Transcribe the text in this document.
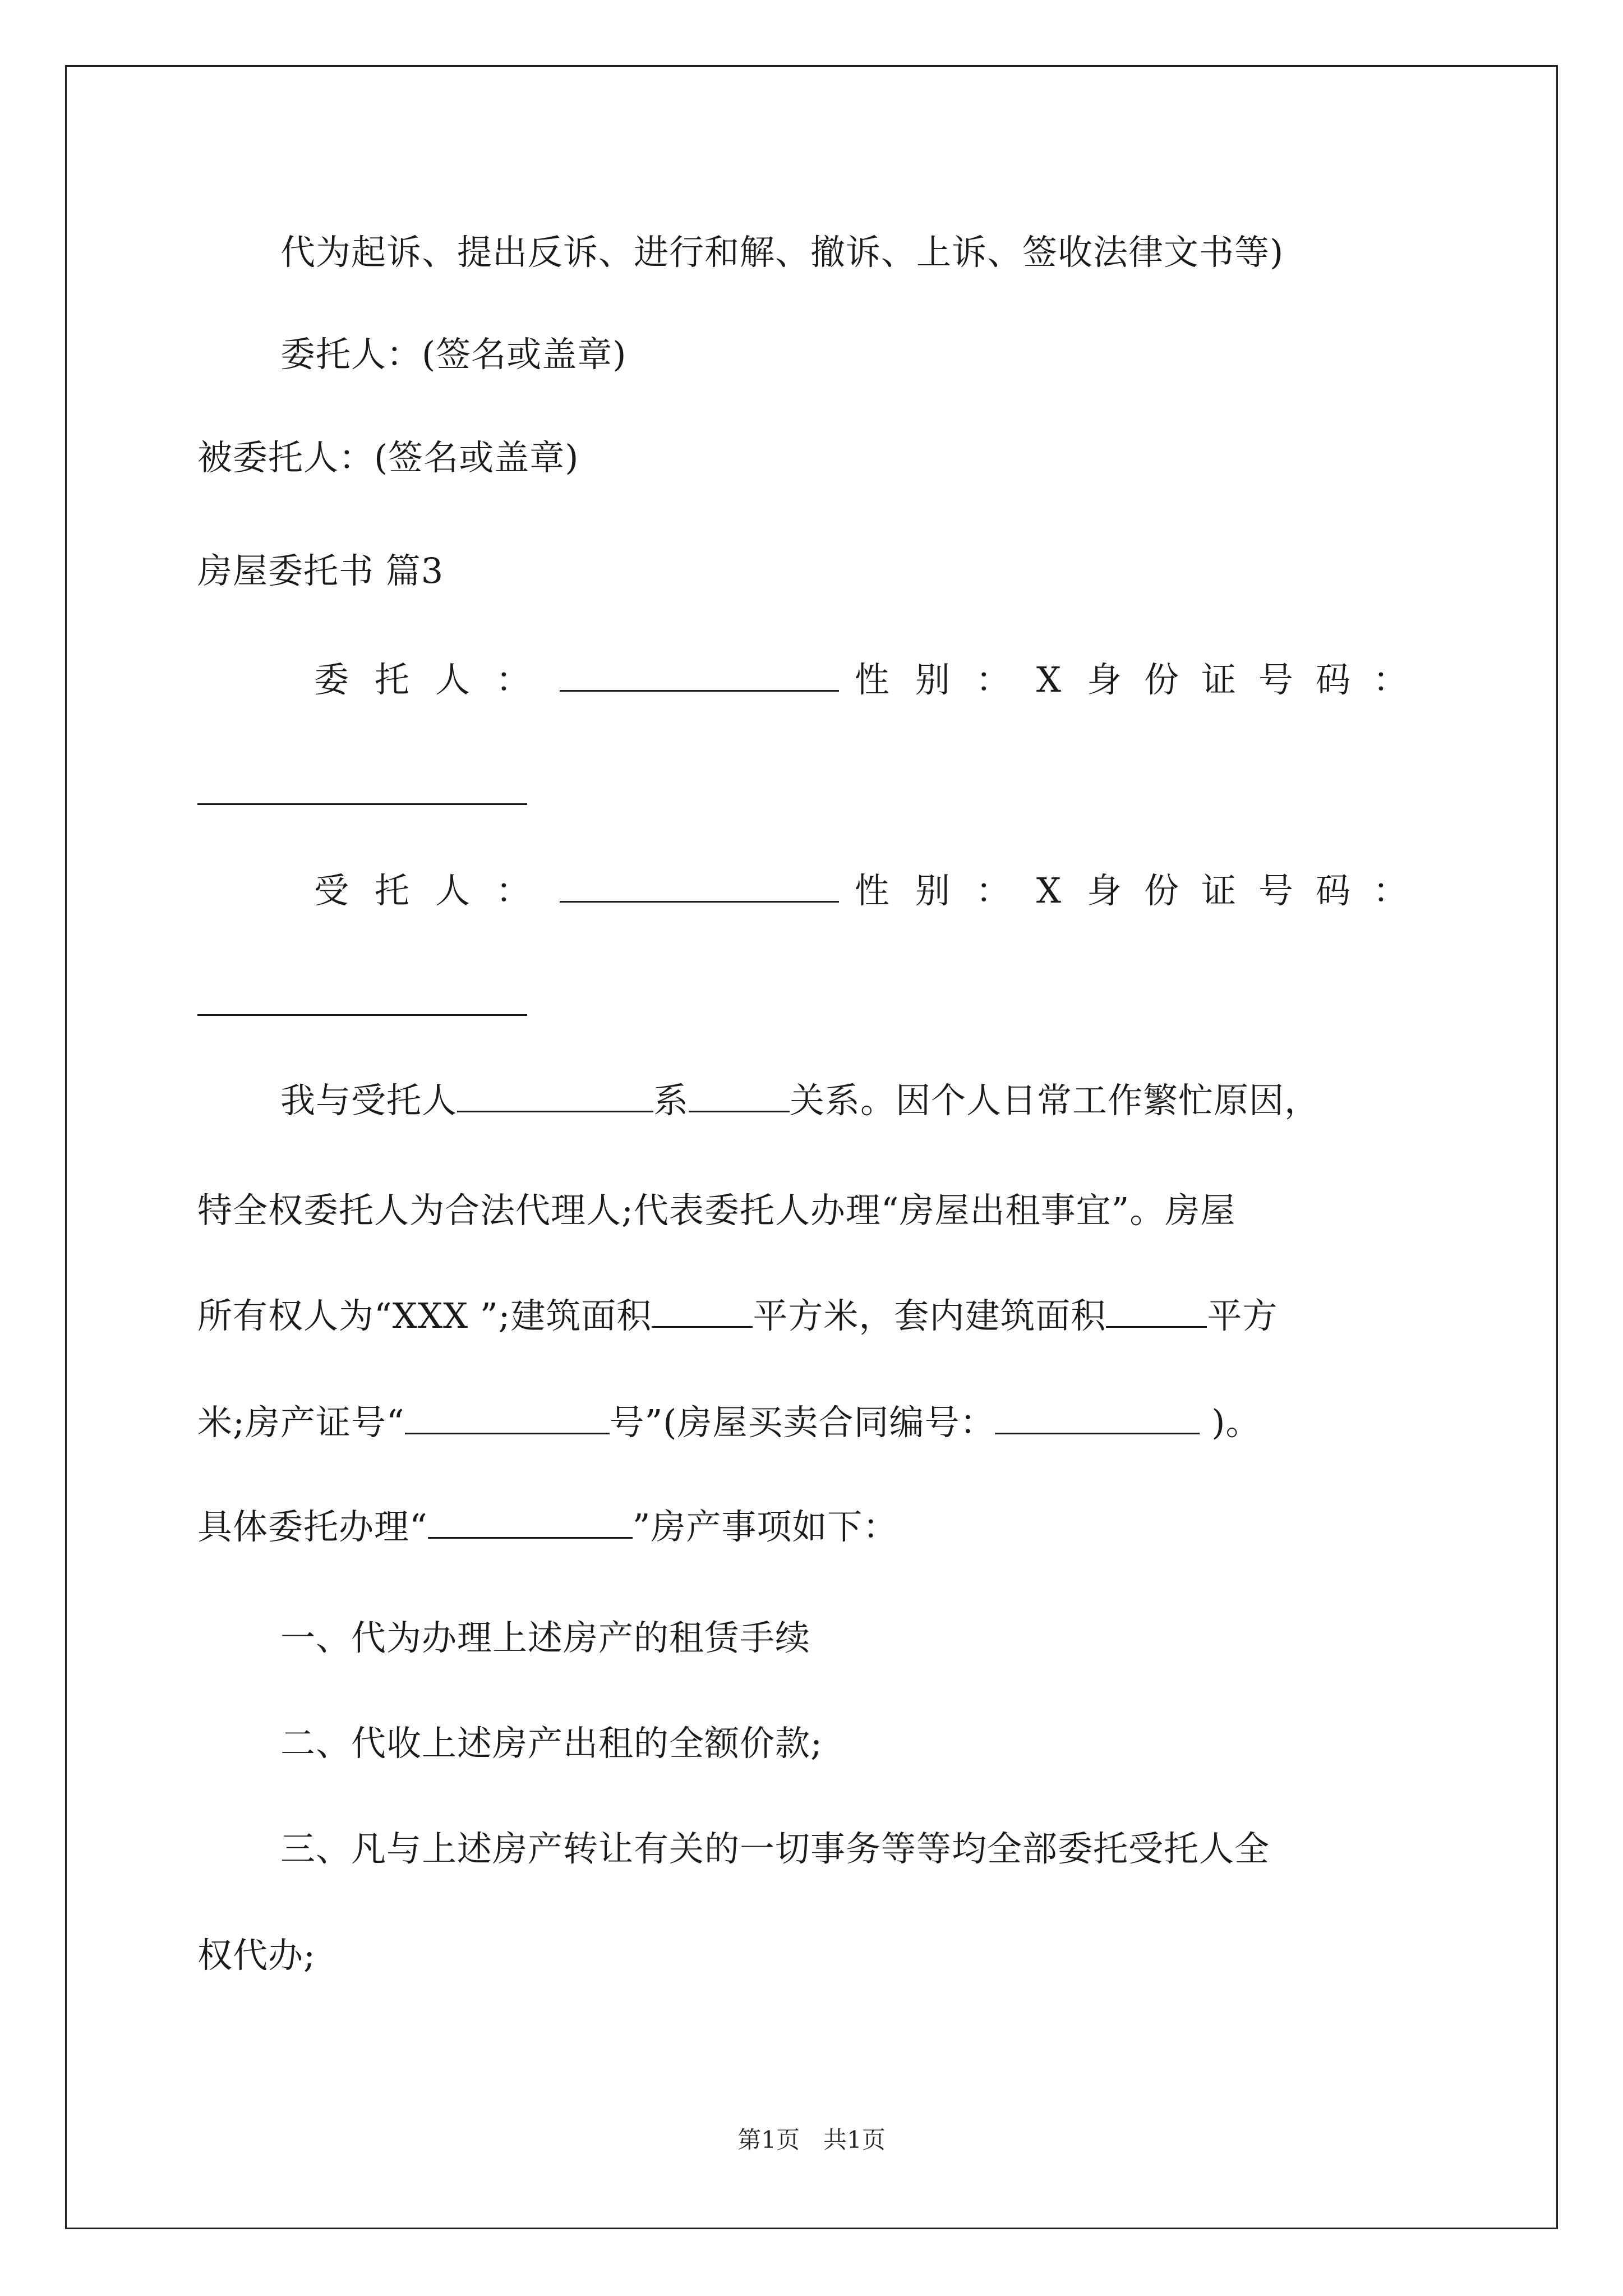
代为起诉、提出反诉、进行和解、撤诉、上诉、签收法律文书等)
委托人：(签名或盖章)
被委托人：(签名或盖章)
房屋委托书 篇3
委托人：	性别：X 身份证号码：
受托人：	性别：X 身份证号码：
我与受托人	系	关系。因个人日常工作繁忙原因，
特全权委托人为合法代理人;代表委托人办理“房屋出租事宜”。房屋
所有权人为“XXX ”;建筑面积	平方米，套内建筑面积	平方
米;房产证号“	号”(房屋买卖合同编号：	)。
具体委托办理“	”房产事项如下：
一、代为办理上述房产的租赁手续
二、代收上述房产出租的全额价款;
三、凡与上述房产转让有关的一切事务等等均全部委托受托人全
权代办;
第1页　共1页
